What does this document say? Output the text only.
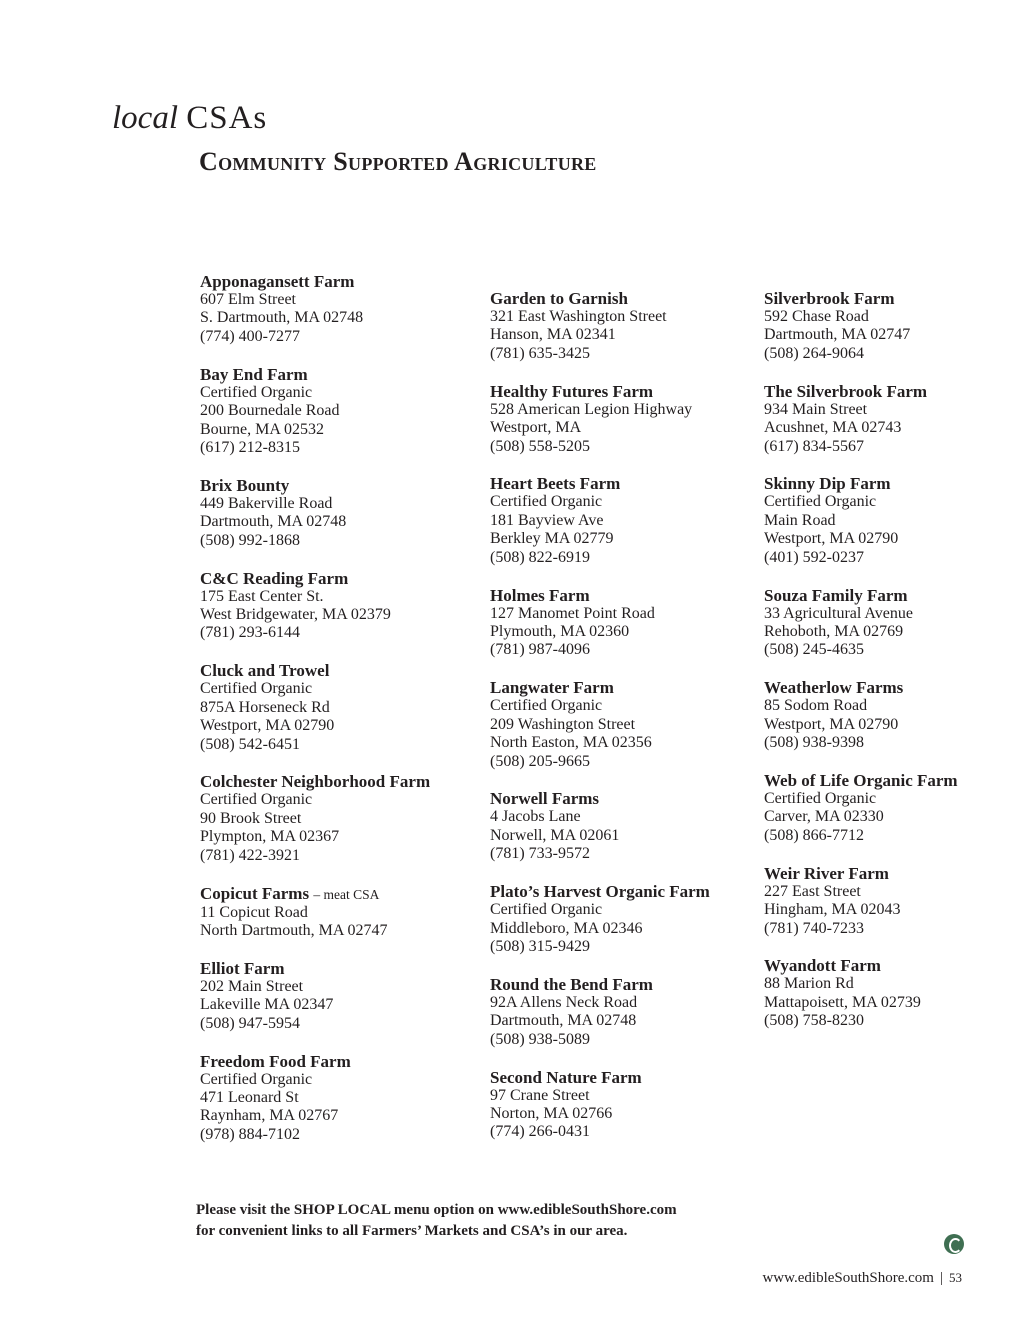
local CSAs
Community Supported Agriculture
Apponagansett Farm
607 Elm Street
S. Dartmouth, MA 02748
(774) 400-7277
Bay End Farm
Certified Organic
200 Bournedale Road
Bourne, MA 02532
(617) 212-8315
Brix Bounty
449 Bakerville Road
Dartmouth, MA 02748
(508) 992-1868
C&C Reading Farm
175 East Center St.
West Bridgewater, MA 02379
(781) 293-6144
Cluck and Trowel
Certified Organic
875A Horseneck Rd
Westport, MA 02790
(508) 542-6451
Colchester Neighborhood Farm
Certified Organic
90 Brook Street
Plympton, MA 02367
(781) 422-3921
Copicut Farms – meat CSA
11 Copicut Road
North Dartmouth, MA 02747
Elliot Farm
202 Main Street
Lakeville MA 02347
(508) 947-5954
Freedom Food Farm
Certified Organic
471 Leonard St
Raynham, MA 02767
(978) 884-7102
Garden to Garnish
321 East Washington Street
Hanson, MA 02341
(781) 635-3425
Healthy Futures Farm
528 American Legion Highway
Westport, MA
(508) 558-5205
Heart Beets Farm
Certified Organic
181 Bayview Ave
Berkley MA 02779
(508) 822-6919
Holmes Farm
127 Manomet Point Road
Plymouth, MA 02360
(781) 987-4096
Langwater Farm
Certified Organic
209 Washington Street
North Easton, MA 02356
(508) 205-9665
Norwell Farms
4 Jacobs Lane
Norwell, MA 02061
(781) 733-9572
Plato’s Harvest Organic Farm
Certified Organic
Middleboro, MA 02346
(508) 315-9429
Round the Bend Farm
92A Allens Neck Road
Dartmouth, MA 02748
(508) 938-5089
Second Nature Farm
97 Crane Street
Norton, MA 02766
(774) 266-0431
Silverbrook Farm
592 Chase Road
Dartmouth, MA 02747
(508) 264-9064
The Silverbrook Farm
934 Main Street
Acushnet, MA 02743
(617) 834-5567
Skinny Dip Farm
Certified Organic
Main Road
Westport, MA 02790
(401) 592-0237
Souza Family Farm
33 Agricultural Avenue
Rehoboth, MA 02769
(508) 245-4635
Weatherlow Farms
85 Sodom Road
Westport, MA 02790
(508) 938-9398
Web of Life Organic Farm
Certified Organic
Carver, MA 02330
(508) 866-7712
Weir River Farm
227 East Street
Hingham, MA 02043
(781) 740-7233
Wyandott Farm
88 Marion Rd
Mattapoisett, MA 02739
(508) 758-8230
Please visit the SHOP LOCAL menu option on www.edibleSouthShore.com
for convenient links to all Farmers’ Markets and CSA’s in our area.
www.edibleSouthShore.com | 53
